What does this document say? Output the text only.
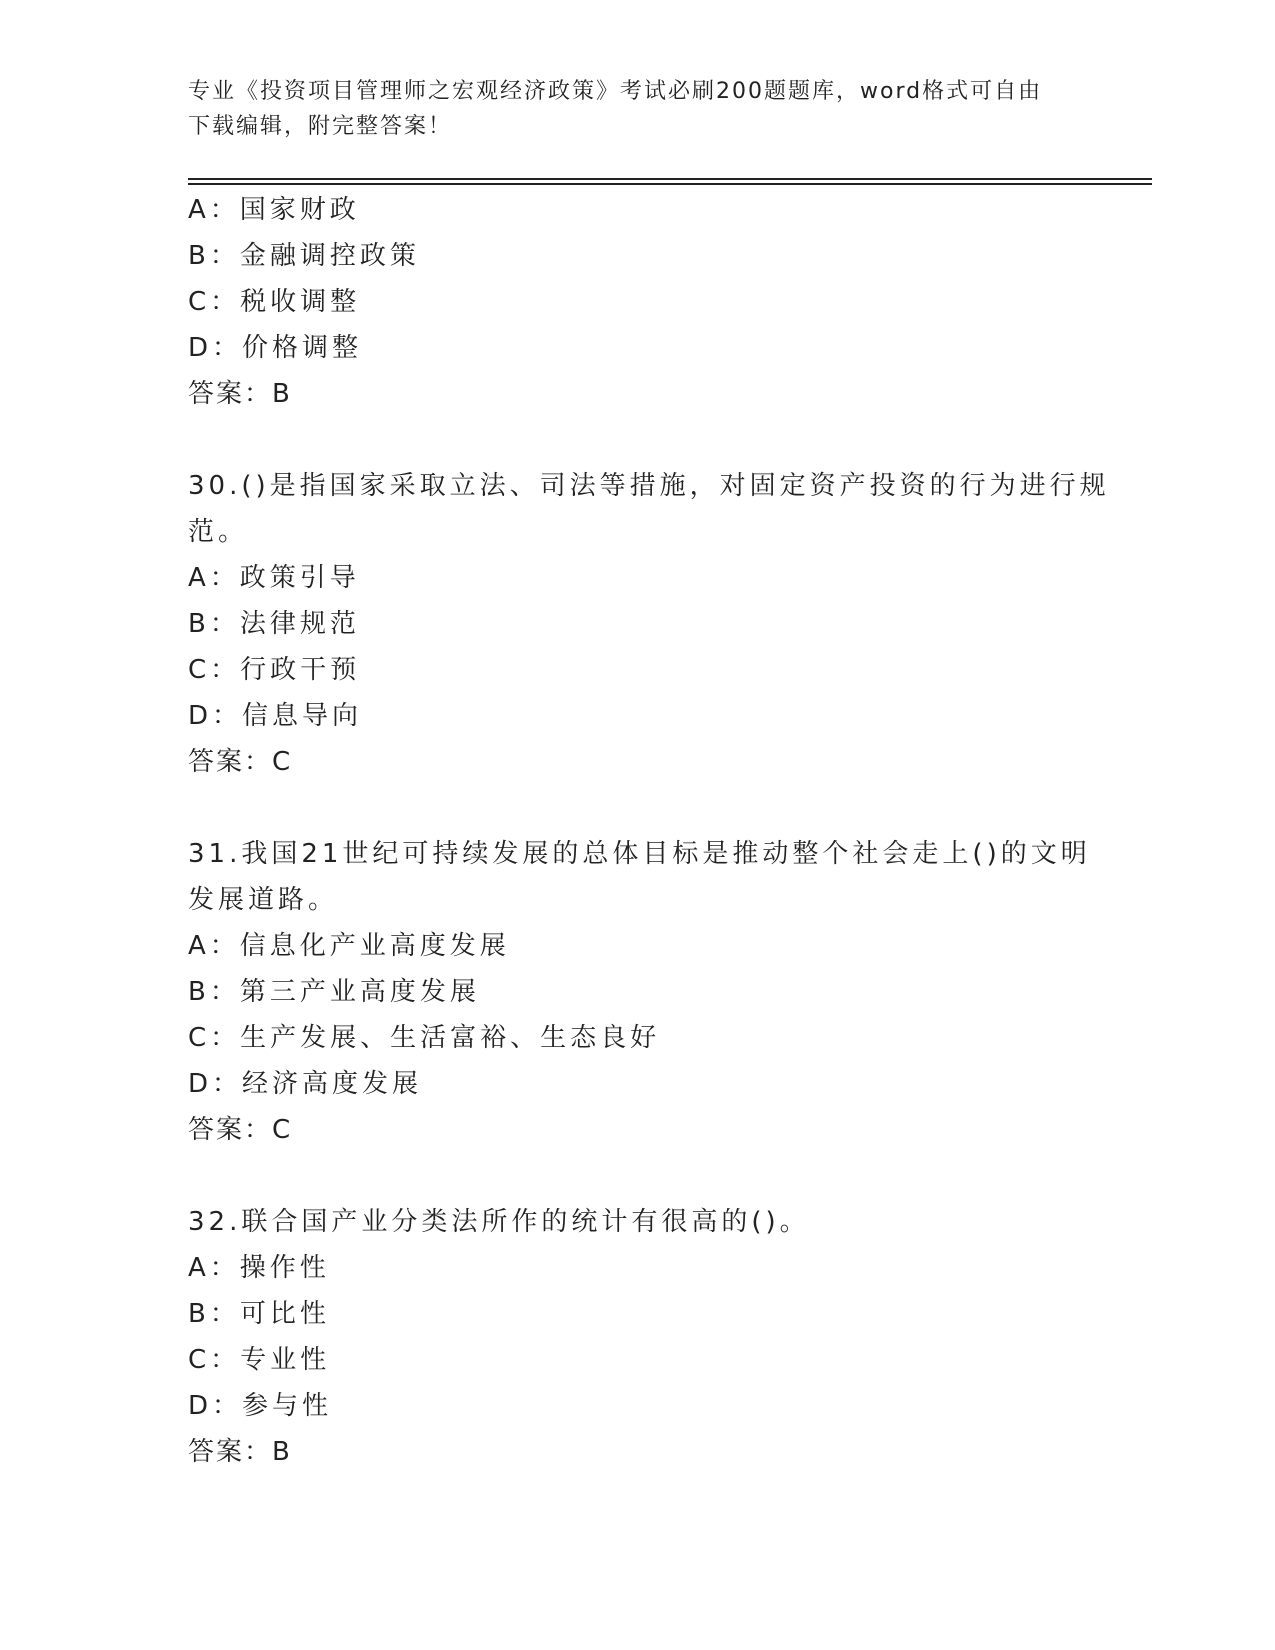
专业《投资项目管理师之宏观经济政策》考试必刷200题题库，word格式可自由
下载编辑，附完整答案！
A：国家财政
B：金融调控政策
C：税收调整
D：价格调整
答案：B
30.()是指国家采取立法、司法等措施，对固定资产投资的行为进行规
范。
A：政策引导
B：法律规范
C：行政干预
D：信息导向
答案：C
31.我国21世纪可持续发展的总体目标是推动整个社会走上()的文明
发展道路。
A：信息化产业高度发展
B：第三产业高度发展
C：生产发展、生活富裕、生态良好
D：经济高度发展
答案：C
32.联合国产业分类法所作的统计有很高的()。
A：操作性
B：可比性
C：专业性
D：参与性
答案：B
